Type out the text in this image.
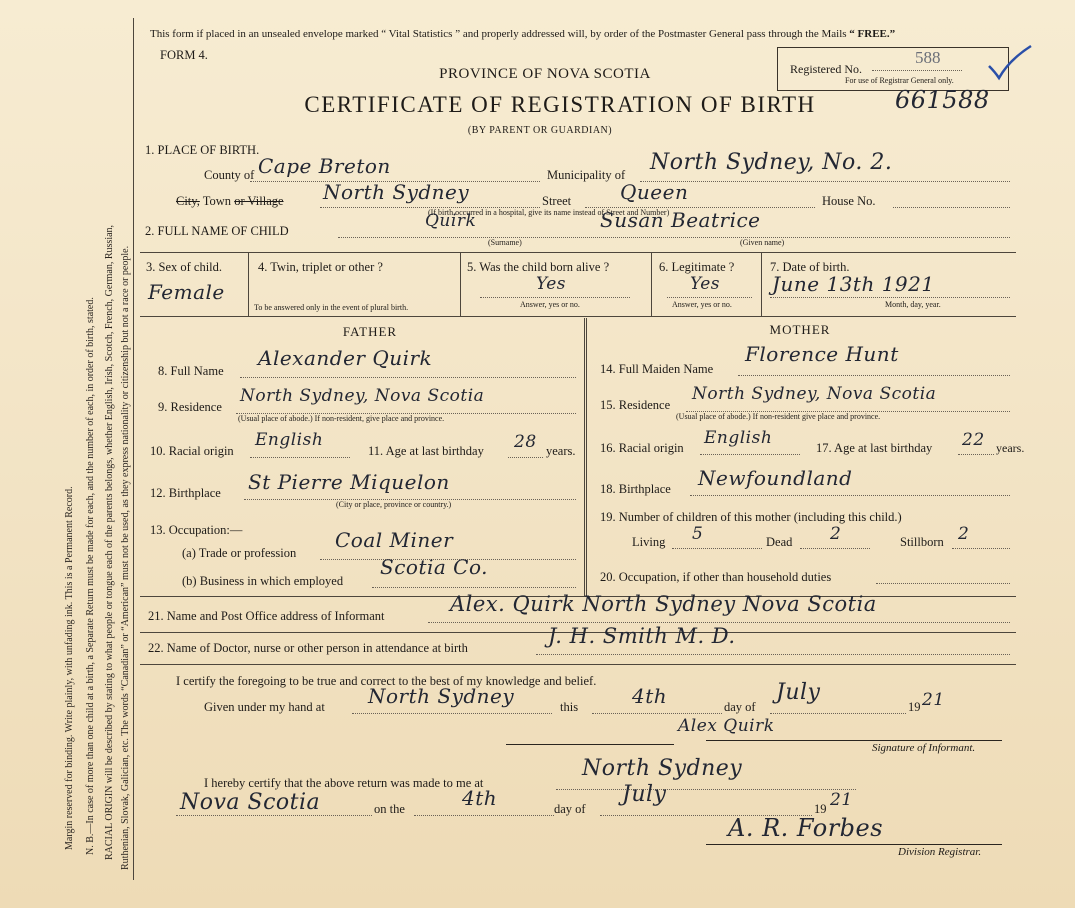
Margin reserved for binding. Write plainly, with unfading ink. This is a Permanent Record. N. B.—In case of more than one child at a birth, a Separate Return must be made for each, and the number of each, in order of birth, stated. RACIAL ORIGIN will be described by stating to what people or tongue each of the parents belongs, whether English, Irish, Scotch, French, German, Russian, Ruthenian, Slovak, Galician, etc. The words “Canadian” or “American” must not be used, as they express nationality or citizenship but not a race or people.
This form if placed in an unsealed envelope marked “ Vital Statistics ” and properly addressed will, by order of the Postmaster General pass through the Mails “ FREE.”
FORM 4.
PROVINCE OF NOVA SCOTIA
CERTIFICATE OF REGISTRATION OF BIRTH
(BY PARENT OR GUARDIAN)
Registered No.
588
For use of Registrar General only.
661588
1. PLACE OF BIRTH.
County of Cape Breton	Municipality of North Sydney, No. 2.
City, Town or Village North Sydney	Street Queen	House No.
(If birth occurred in a hospital, give its name instead of Street and Number)
2. FULL NAME OF CHILD	Quirk
(Surname)
Susan Beatrice
(Given name)
3. Sex of child.
Female
4. Twin, triplet or other ?
To be answered only in the event of plural birth.
5. Was the child born alive ?
Yes
Answer, yes or no.
6. Legitimate ?
Yes
Answer, yes or no.
7. Date of birth.
June 13th 1921
Month, day, year.
FATHER	MOTHER
8. Full Name
Alexander Quirk
9. Residence
North Sydney, Nova Scotia
(Usual place of abode.) If non-resident, give place and province.
10. Racial origin
English
11. Age at last birthday 28 years.
12. Birthplace St Pierre Miquelon
(City or place, province or country.)
13. Occupation:—
(a) Trade or profession
Coal Miner
(b) Business in which employed
Scotia Co.
14. Full Maiden Name
Florence Hunt
15. Residence
North Sydney, Nova Scotia
(Usual place of abode.) If non-resident give place and province.
16. Racial origin English	17. Age at last birthday 22 years.
18. Birthplace Newfoundland
19. Number of children of this mother (including this child.)
Living 5	Dead 2	Stillborn 2
20. Occupation, if other than household duties
21. Name and Post Office address of Informant	Alex. Quirk North Sydney Nova Scotia
22. Name of Doctor, nurse or other person in attendance at birth	J. H. Smith M. D.
I certify the foregoing to be true and correct to the best of my knowledge and belief.
Given under my hand at North Sydney	this	4th	day of
July
19 21
Alex Quirk
Signature of Informant.
I hereby certify that the above return was made to me at
North Sydney
Nova Scotia	on the	4th	day of
July
19 21
A. R. Forbes
Division Registrar.
